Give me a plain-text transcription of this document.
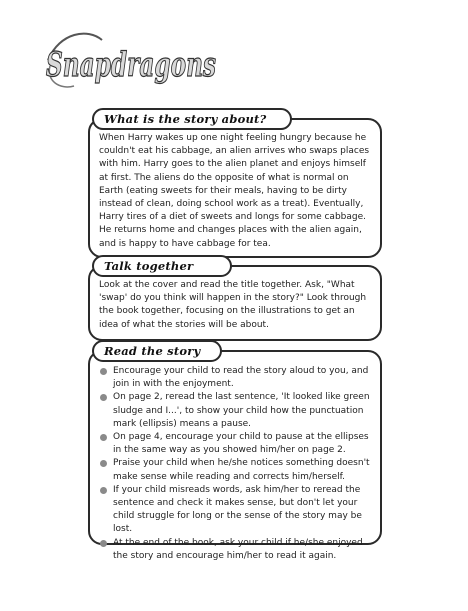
Snapdragons
What is the story about?
When Harry wakes up one night feeling hungry because he couldn't eat his cabbage, an alien arrives who swaps places with him. Harry goes to the alien planet and enjoys himself at first. The aliens do the opposite of what is normal on Earth (eating sweets for their meals, having to be dirty instead of clean, doing school work as a treat). Eventually, Harry tires of a diet of sweets and longs for some cabbage. He returns home and changes places with the alien again, and is happy to have cabbage for tea.
Talk together
Look at the cover and read the title together. Ask, "What 'swap' do you think will happen in the story?" Look through the book together, focusing on the illustrations to get an idea of what the stories will be about.
Read the story
Encourage your child to read the story aloud to you, and join in with the enjoyment.
On page 2, reread the last sentence, 'It looked like green sludge and I...', to show your child how the punctuation mark (ellipsis) means a pause.
On page 4, encourage your child to pause at the ellipses in the same way as you showed him/her on page 2.
Praise your child when he/she notices something doesn't make sense while reading and corrects him/herself.
If your child misreads words, ask him/her to reread the sentence and check it makes sense, but don't let your child struggle for long or the sense of the story may be lost.
At the end of the book, ask your child if he/she enjoyed the story and encourage him/her to read it again.
